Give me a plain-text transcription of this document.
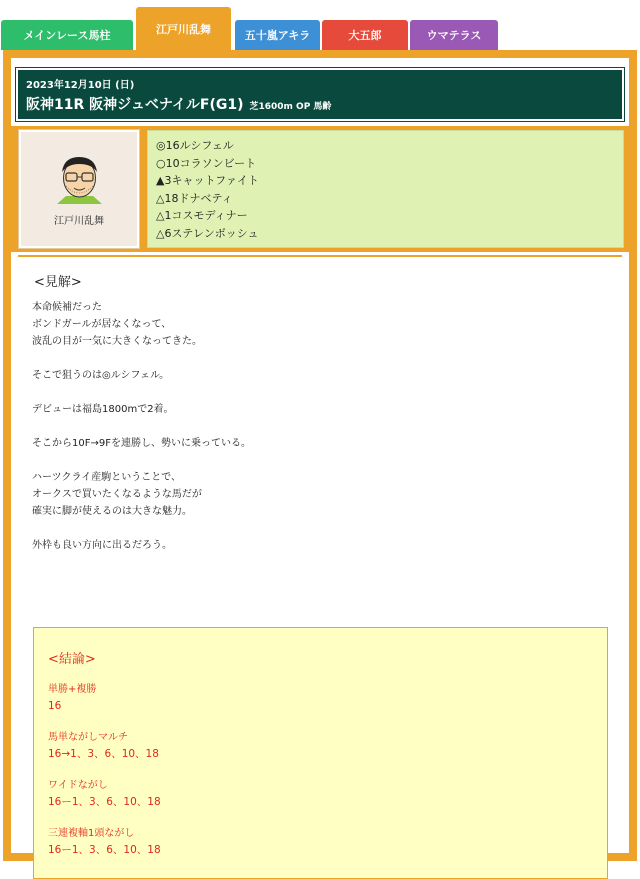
メインレース馬柱	江戸川乱舞	五十嵐アキラ	大五郎	ウマテラス
2023年12月10日 (日)
阪神11R 阪神ジュベナイルF(G1) 芝1600m OP 馬齢
江戸川乱舞
◎16ルシフェル
○10コラソンビート
▲3キャットファイト
△18ドナベティ
△1コスモディナー
△6ステレンボッシュ
<見解>
本命候補だった
ボンドガールが居なくなって、
波乱の目が一気に大きくなってきた。

そこで狙うのは◎ルシフェル。

デビューは福島1800mで2着。

そこから10F→9Fを連勝し、勢いに乗っている。

ハーツクライ産駒ということで、
オークスで買いたくなるような馬だが
確実に脚が使えるのは大きな魅力。

外枠も良い方向に出るだろう。
<結論>
単勝+複勝
16
馬単ながしマルチ
16→1、3、6、10、18
ワイドながし
16ー1、3、6、10、18
三連複軸1頭ながし
16ー1、3、6、10、18
